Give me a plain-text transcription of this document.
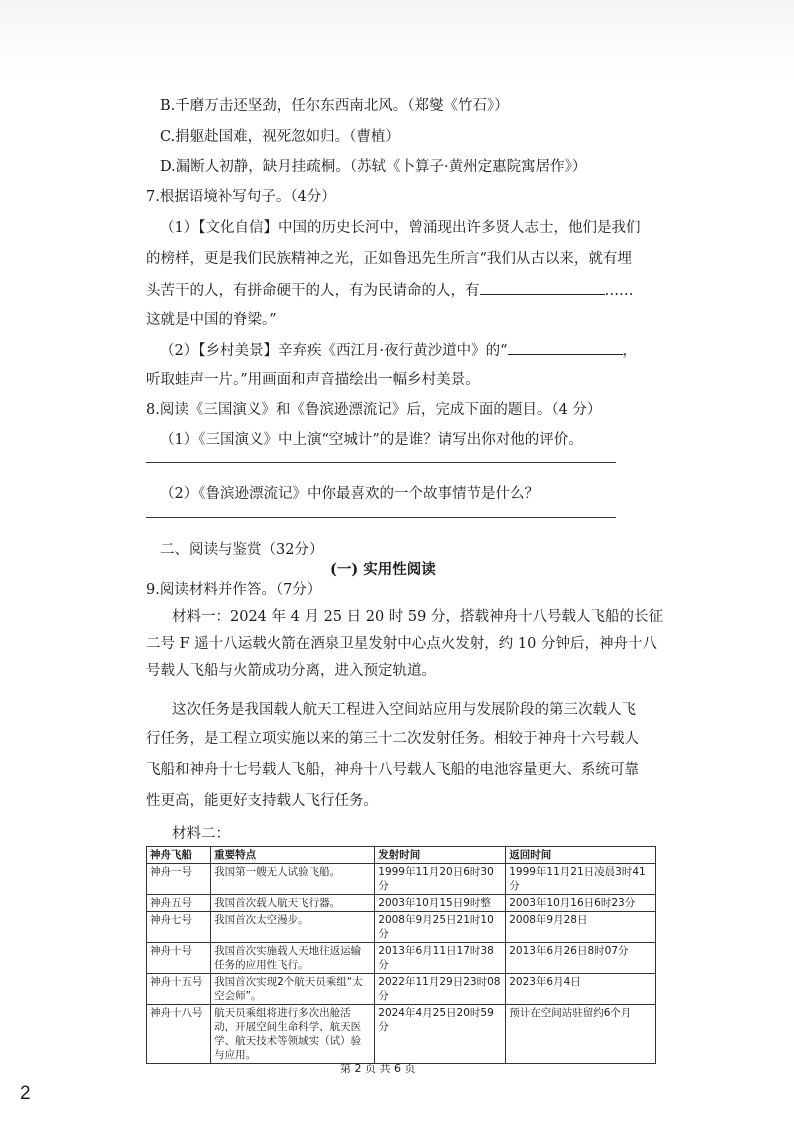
B.千磨万击还坚劲，任尔东西南北风。（郑燮《竹石》）
C.捐躯赴国难，视死忽如归。（曹植）
D.漏断人初静，缺月挂疏桐。（苏轼《卜算子·黄州定惠院寓居作》）
7.根据语境补写句子。（4分）
（1）【文化自信】中国的历史长河中，曾涌现出许多贤人志士，他们是我们
的榜样，更是我们民族精神之光，正如鲁迅先生所言“我们从古以来，就有埋
头苦干的人，有拼命硬干的人，有为民请命的人，有	……
这就是中国的脊梁。”
（2）【乡村美景】辛弃疾《西江月·夜行黄沙道中》的“	，
听取蛙声一片。”用画面和声音描绘出一幅乡村美景。
8.阅读《三国演义》和《鲁滨逊漂流记》后，完成下面的题目。（4 分）
（1）《三国演义》中上演“空城计”的是谁？请写出你对他的评价。
（2）《鲁滨逊漂流记》中你最喜欢的一个故事情节是什么？
二、阅读与鉴赏（32分）
(一) 实用性阅读
9.阅读材料并作答。（7分）
材料一：2024 年 4 月 25 日 20 时 59 分，搭载神舟十八号载人飞船的长征
二号 F 遥十八运载火箭在酒泉卫星发射中心点火发射，约 10 分钟后，神舟十八
号载人飞船与火箭成功分离，进入预定轨道。
这次任务是我国载人航天工程进入空间站应用与发展阶段的第三次载人飞
行任务，是工程立项实施以来的第三十二次发射任务。相较于神舟十六号载人
飞船和神舟十七号载人飞船，神舟十八号载人飞船的电池容量更大、系统可靠
性更高，能更好支持载人飞行任务。
材料二：
神舟飞船	重要特点	发射时间	返回时间
神舟一号	我国第一艘无人试验飞船。	1999年11月20日6时30分	1999年11月21日凌晨3时41分
神舟五号	我国首次载人航天飞行器。	2003年10月15日9时整	2003年10月16日6时23分
神舟七号	我国首次太空漫步。	2008年9月25日21时10分	2008年9月28日
神舟十号	我国首次实施载人天地往返运输任务的应用性飞行。	2013年6月11日17时38分	2013年6月26日8时07分
神舟十五号	我国首次实现2个航天员乘组“太空会师”。	2022年11月29日23时08分	2023年6月4日
神舟十八号	航天员乘组将进行多次出舱活动，开展空间生命科学、航天医学、航天技术等领域实（试）验与应用。	2024年4月25日20时59分	预计在空间站驻留约6个月
第 2 页 共 6 页
2
